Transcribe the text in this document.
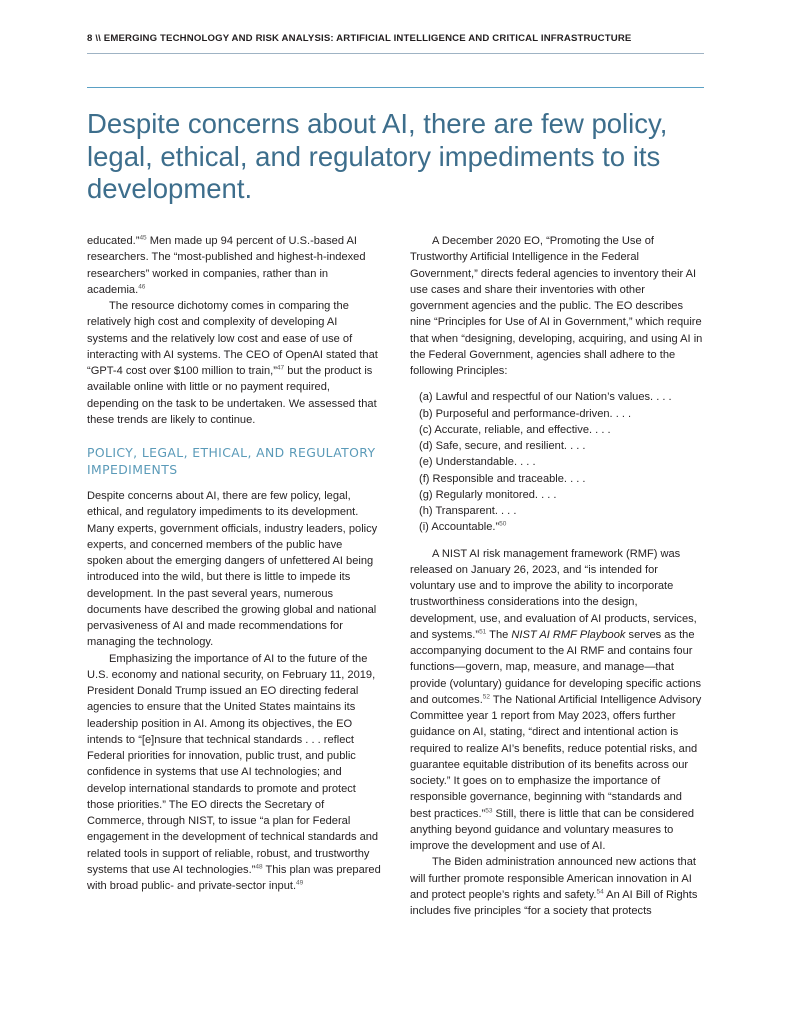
8 \\ EMERGING TECHNOLOGY AND RISK ANALYSIS: ARTIFICIAL INTELLIGENCE AND CRITICAL INFRASTRUCTURE
Despite concerns about AI, there are few policy, legal, ethical, and regulatory impediments to its development.

educated.”$^{45}$ Men made up 94 percent of U.S.-based AI researchers. The “most-published and highest-h-indexed researchers” worked in companies, rather than in academia.$^{46}$

The resource dichotomy comes in comparing the relatively high cost and complexity of developing AI systems and the relatively low cost and ease of use of interacting with AI systems. The CEO of OpenAI stated that “GPT-4 cost over $100 million to train,”$^{47}$ but the product is available online with little or no payment required, depending on the task to be undertaken. We assessed that these trends are likely to continue.

POLICY, LEGAL, ETHICAL, AND REGULATORY IMPEDIMENTS

Despite concerns about AI, there are few policy, legal, ethical, and regulatory impediments to its development. Many experts, government officials, industry leaders, policy experts, and concerned members of the public have spoken about the emerging dangers of unfettered AI being introduced into the wild, but there is little to impede its development. In the past several years, numerous documents have described the growing global and national pervasiveness of AI and made recommendations for managing the technology.

Emphasizing the importance of AI to the future of the U.S. economy and national security, on February 11, 2019, President Donald Trump issued an EO directing federal agencies to ensure that the United States maintains its leadership position in AI. Among its objectives, the EO intends to “[e]nsure that technical standards . . . reflect Federal priorities for innovation, public trust, and public confidence in systems that use AI technologies; and develop international standards to promote and protect those priorities.” The EO directs the Secretary of Commerce, through NIST, to issue “a plan for Federal engagement in the development of technical standards and related tools in support of reliable, robust, and trustworthy systems that use AI technologies.”$^{48}$ This plan was prepared with broad public- and private-sector input.$^{49}$

A December 2020 EO, “Promoting the Use of Trustworthy Artificial Intelligence in the Federal Government,” directs federal agencies to inventory their AI use cases and share their inventories with other government agencies and the public. The EO describes nine “Principles for Use of AI in Government,” which require that when “designing, developing, acquiring, and using AI in the Federal Government, agencies shall adhere to the following Principles:

(a) Lawful and respectful of our Nation’s values. . . .
(b) Purposeful and performance-driven. . . .
(c) Accurate, reliable, and effective. . . .
(d) Safe, secure, and resilient. . . .
(e) Understandable. . . .
(f) Responsible and traceable. . . .
(g) Regularly monitored. . . .
(h) Transparent. . . .
(i) Accountable.”$^{50}$

A NIST AI risk management framework (RMF) was released on January 26, 2023, and “is intended for voluntary use and to improve the ability to incorporate trustworthiness considerations into the design, development, use, and evaluation of AI products, services, and systems.”$^{51}$ The NIST AI RMF Playbook serves as the accompanying document to the AI RMF and contains four functions—govern, map, measure, and manage—that provide (voluntary) guidance for developing specific actions and outcomes.$^{52}$ The National Artificial Intelligence Advisory Committee year 1 report from May 2023, offers further guidance on AI, stating, “direct and intentional action is required to realize AI’s benefits, reduce potential risks, and guarantee equitable distribution of its benefits across our society.” It goes on to emphasize the importance of responsible governance, beginning with “standards and best practices.”$^{53}$ Still, there is little that can be considered anything beyond guidance and voluntary measures to improve the development and use of AI.

The Biden administration announced new actions that will further promote responsible American innovation in AI and protect people’s rights and safety.$^{54}$ An AI Bill of Rights includes five principles “for a society that protects
